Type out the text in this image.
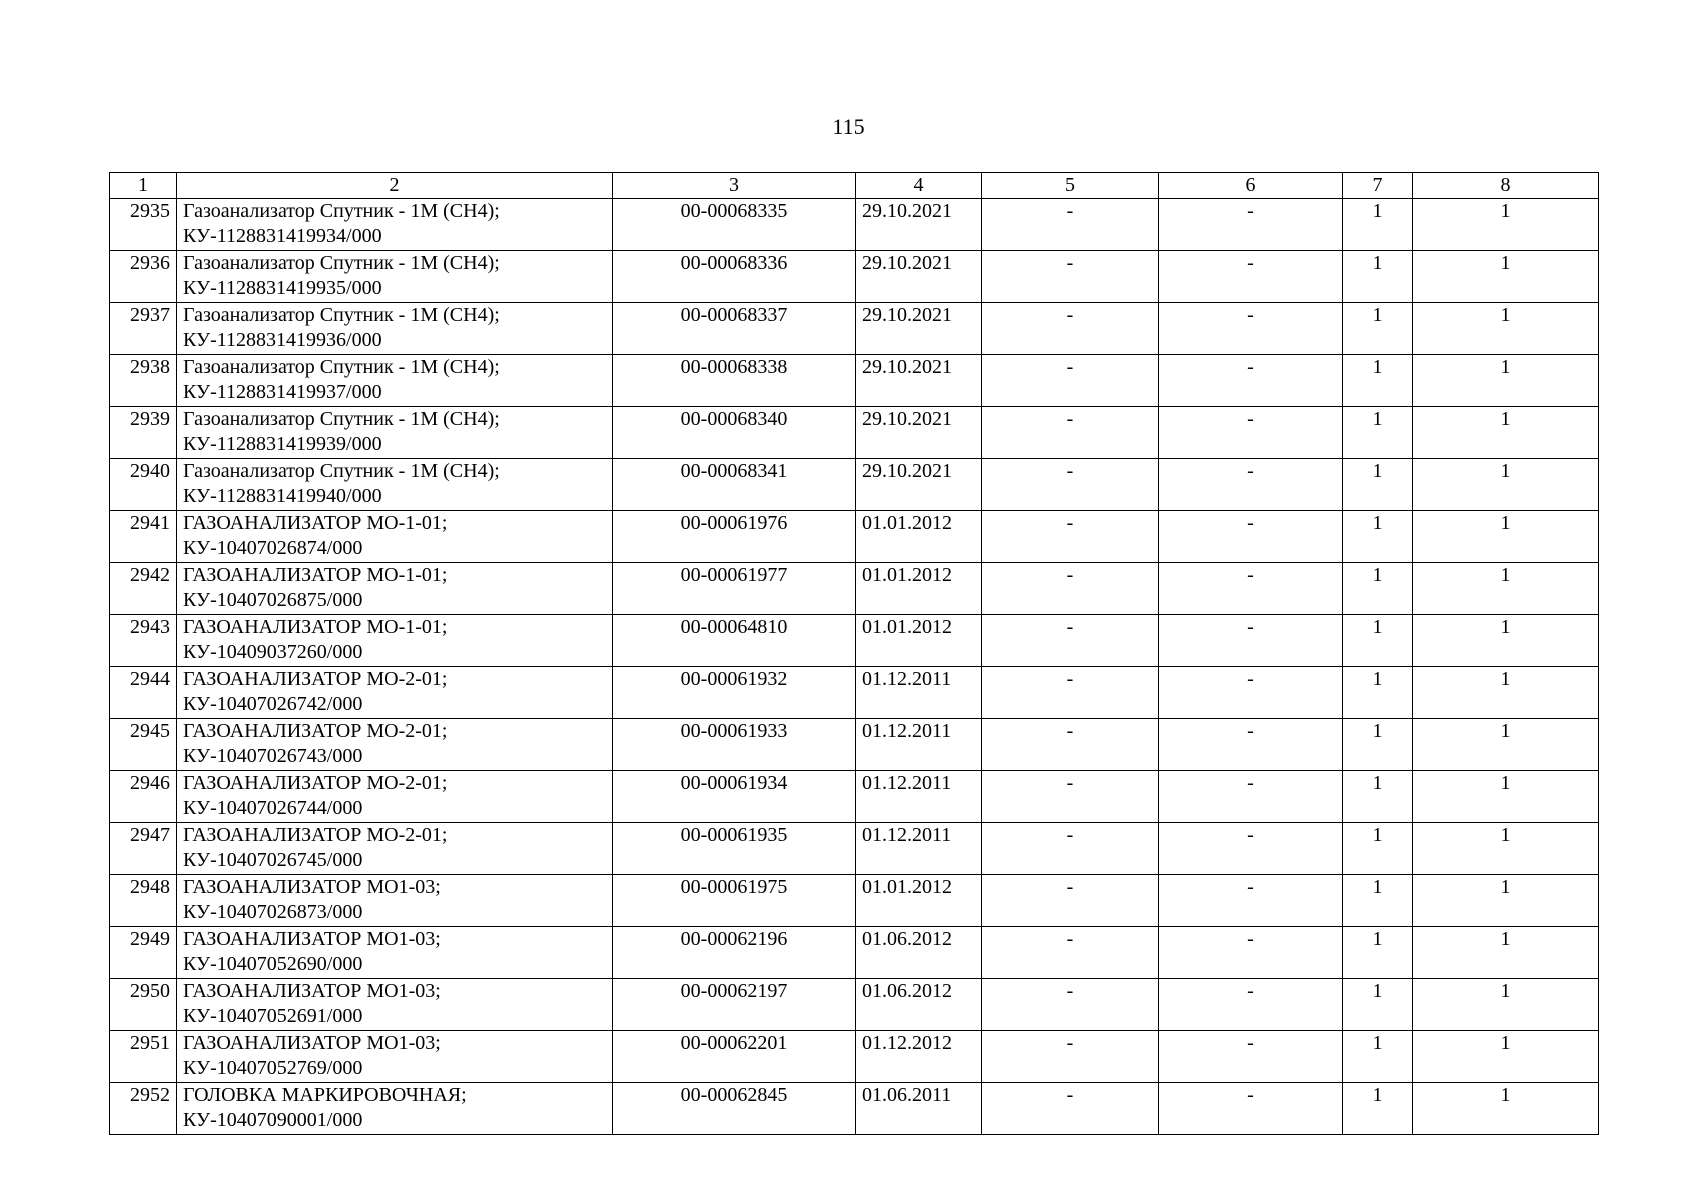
115
1	2	3	4	5	6	7	8
2935	Газоанализатор Спутник - 1М (СН4);
КУ-1128831419934/000	00-00068335	29.10.2021	-	-	1	1
2936	Газоанализатор Спутник - 1М (СН4);
КУ-1128831419935/000	00-00068336	29.10.2021	-	-	1	1
2937	Газоанализатор Спутник - 1М (СН4);
КУ-1128831419936/000	00-00068337	29.10.2021	-	-	1	1
2938	Газоанализатор Спутник - 1М (СН4);
КУ-1128831419937/000	00-00068338	29.10.2021	-	-	1	1
2939	Газоанализатор Спутник - 1М (СН4);
КУ-1128831419939/000	00-00068340	29.10.2021	-	-	1	1
2940	Газоанализатор Спутник - 1М (СН4);
КУ-1128831419940/000	00-00068341	29.10.2021	-	-	1	1
2941	ГАЗОАНАЛИЗАТОР МО-1-01;
КУ-10407026874/000	00-00061976	01.01.2012	-	-	1	1
2942	ГАЗОАНАЛИЗАТОР МО-1-01;
КУ-10407026875/000	00-00061977	01.01.2012	-	-	1	1
2943	ГАЗОАНАЛИЗАТОР МО-1-01;
КУ-10409037260/000	00-00064810	01.01.2012	-	-	1	1
2944	ГАЗОАНАЛИЗАТОР МО-2-01;
КУ-10407026742/000	00-00061932	01.12.2011	-	-	1	1
2945	ГАЗОАНАЛИЗАТОР МО-2-01;
КУ-10407026743/000	00-00061933	01.12.2011	-	-	1	1
2946	ГАЗОАНАЛИЗАТОР МО-2-01;
КУ-10407026744/000	00-00061934	01.12.2011	-	-	1	1
2947	ГАЗОАНАЛИЗАТОР МО-2-01;
КУ-10407026745/000	00-00061935	01.12.2011	-	-	1	1
2948	ГАЗОАНАЛИЗАТОР МО1-03;
КУ-10407026873/000	00-00061975	01.01.2012	-	-	1	1
2949	ГАЗОАНАЛИЗАТОР МО1-03;
КУ-10407052690/000	00-00062196	01.06.2012	-	-	1	1
2950	ГАЗОАНАЛИЗАТОР МО1-03;
КУ-10407052691/000	00-00062197	01.06.2012	-	-	1	1
2951	ГАЗОАНАЛИЗАТОР МО1-03;
КУ-10407052769/000	00-00062201	01.12.2012	-	-	1	1
2952	ГОЛОВКА МАРКИРОВОЧНАЯ;
КУ-10407090001/000	00-00062845	01.06.2011	-	-	1	1
